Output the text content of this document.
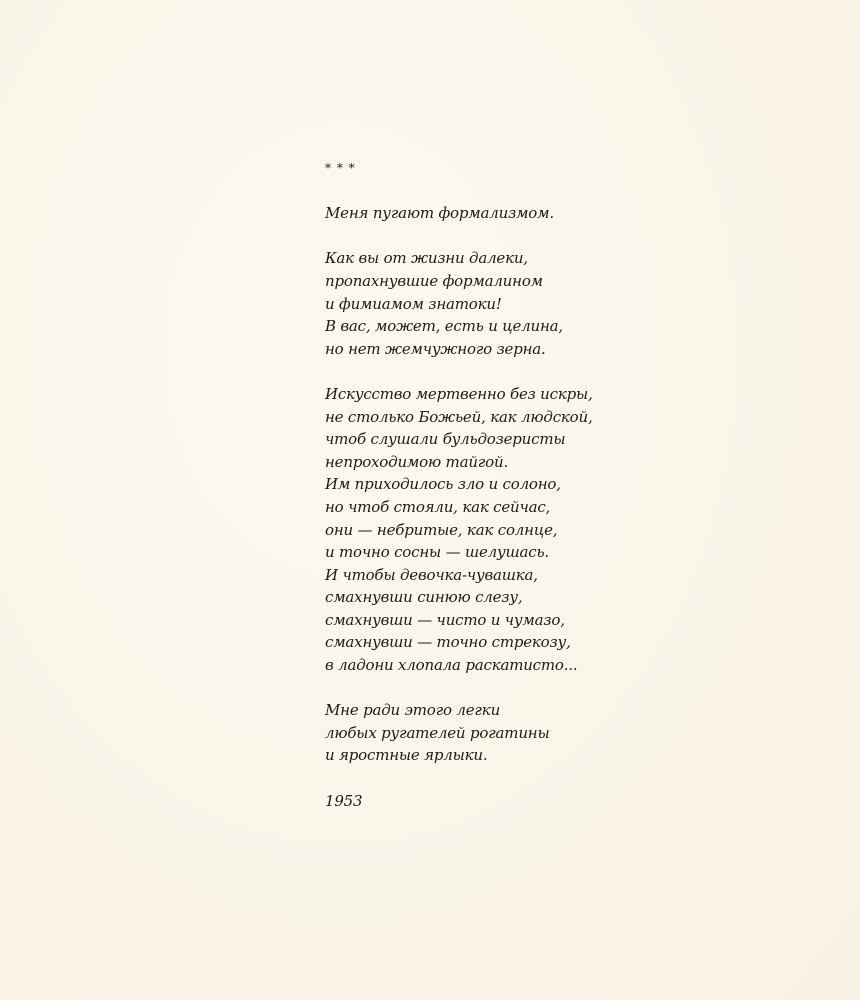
* * *
Меня пугают формализмом.
Как вы от жизни далеки,
пропахнувшие формалином
и фимиамом знатоки!
В вас, может, есть и целина,
но нет жемчужного зерна.
Искусство мертвенно без искры,
не столько Божьей, как людской,
чтоб слушали бульдозеристы
непроходимою тайгой.
Им приходилось зло и солоно,
но чтоб стояли, как сейчас,
они — небритые, как солнце,
и точно сосны — шелушась.
И чтобы девочка-чувашка,
смахнувши синюю слезу,
смахнувши — чисто и чумазо,
смахнувши — точно стрекозу,
в ладони хлопала раскатисто...
Мне ради этого легки
любых ругателей рогатины
и яростные ярлыки.
1953
